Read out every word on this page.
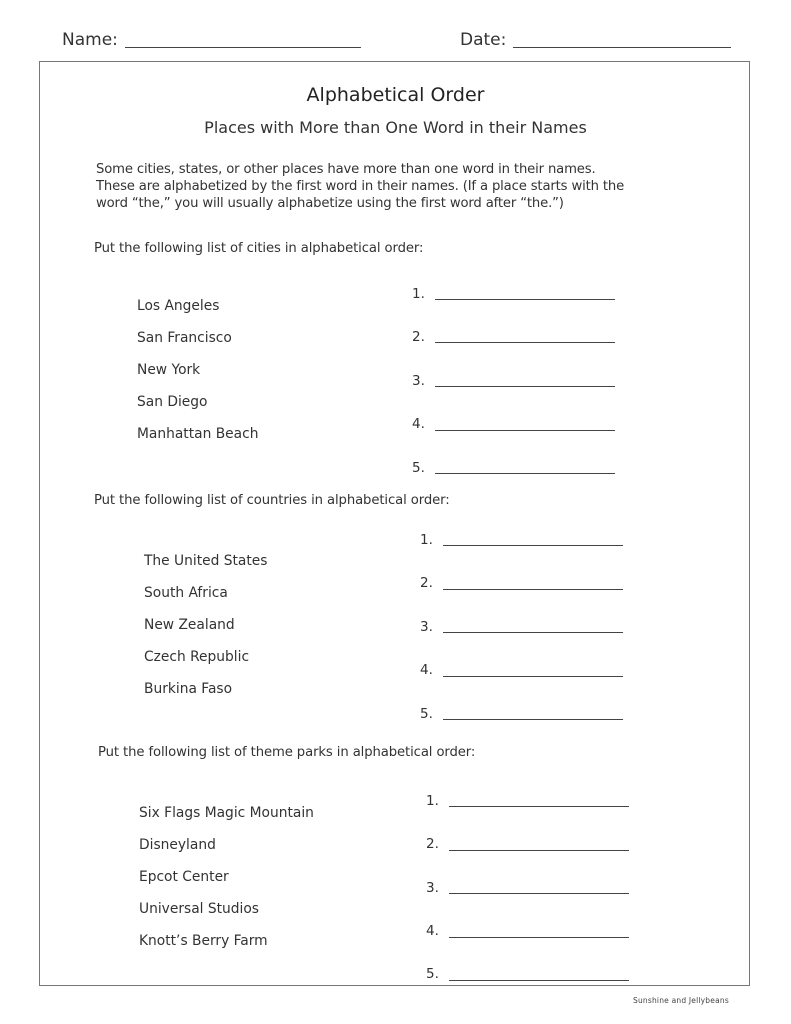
Name:	Date:
Alphabetical Order
Places with More than One Word in their Names
Some cities, states, or other places have more than one word in their names.
These are alphabetized by the first word in their names. (If a place starts with the
word “the,” you will usually alphabetize using the first word after “the.”)
Put the following list of cities in alphabetical order:
Los Angeles
San Francisco
New York
San Diego
Manhattan Beach
1.
2.
3.
4.
5.
Put the following list of countries in alphabetical order:
The United States
South Africa
New Zealand
Czech Republic
Burkina Faso
1.
2.
3.
4.
5.
Put the following list of theme parks in alphabetical order:
Six Flags Magic Mountain
Disneyland
Epcot Center
Universal Studios
Knott’s Berry Farm
1.
2.
3.
4.
5.
Sunshine and Jellybeans
